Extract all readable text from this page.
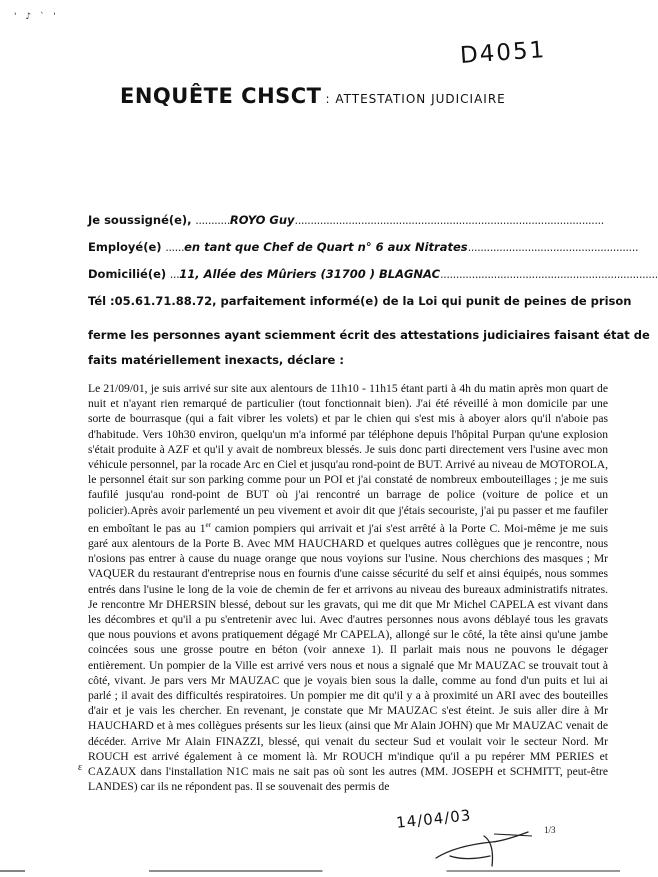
' ♪ ` '
D4051
ENQUÊTE CHSCT : ATTESTATION JUDICIAIRE
Je soussigné(e), ...........ROYO Guy..................................................................................................
Employé(e) ......en tant que Chef de Quart n° 6 aux Nitrates......................................................
Domicilié(e) ...11, Allée des Mûriers (31700 ) BLAGNAC.....................................................................
Tél :05.61.71.88.72, parfaitement informé(e) de la Loi qui punit de peines de prison
ferme les personnes ayant sciemment écrit des attestations judiciaires faisant état de
faits matériellement inexacts, déclare :
Le 21/09/01, je suis arrivé sur site aux alentours de 11h10 - 11h15 étant parti à 4h du matin après mon quart de nuit et n'ayant rien remarqué de particulier (tout fonctionnait bien). J'ai été réveillé à mon domicile par une sorte de bourrasque (qui a fait vibrer les volets) et par le chien qui s'est mis à aboyer alors qu'il n'aboie pas d'habitude. Vers 10h30 environ, quelqu'un m'a informé par téléphone depuis l'hôpital Purpan qu'une explosion s'était produite à AZF et qu'il y avait de nombreux blessés. Je suis donc parti directement vers l'usine avec mon véhicule personnel, par la rocade Arc en Ciel et jusqu'au rond-point de BUT. Arrivé au niveau de MOTOROLA, le personnel était sur son parking comme pour un POI et j'ai constaté de nombreux embouteillages ; je me suis faufilé jusqu'au rond-point de BUT où j'ai rencontré un barrage de police (voiture de police et un policier).Après avoir parlementé un peu vivement et avoir dit que j'étais secouriste, j'ai pu passer et me faufiler en emboîtant le pas au 1er camion pompiers qui arrivait et j'ai s'est arrêté à la Porte C. Moi-même je me suis garé aux alentours de la Porte B. Avec MM HAUCHARD et quelques autres collègues que je rencontre, nous n'osions pas entrer à cause du nuage orange que nous voyions sur l'usine. Nous cherchions des masques ; Mr VAQUER du restaurant d'entreprise nous en fournis d'une caisse sécurité du self et ainsi équipés, nous sommes entrés dans l'usine le long de la voie de chemin de fer et arrivons au niveau des bureaux administratifs nitrates. Je rencontre Mr DHERSIN blessé, debout sur les gravats, qui me dit que Mr Michel CAPELA est vivant dans les décombres et qu'il a pu s'entretenir avec lui. Avec d'autres personnes nous avons déblayé tous les gravats que nous pouvions et avons pratiquement dégagé Mr CAPELA), allongé sur le côté, la tête ainsi qu'une jambe coincées sous une grosse poutre en béton (voir annexe 1). Il parlait mais nous ne pouvons le dégager entièrement. Un pompier de la Ville est arrivé vers nous et nous a signalé que Mr MAUZAC se trouvait tout à côté, vivant. Je pars vers Mr MAUZAC que je voyais bien sous la dalle, comme au fond d'un puits et lui ai parlé ; il avait des difficultés respiratoires. Un pompier me dit qu'il y a à proximité un ARI avec des bouteilles d'air et je vais les chercher. En revenant, je constate que Mr MAUZAC s'est éteint. Je suis aller dire à Mr HAUCHARD et à mes collègues présents sur les lieux (ainsi que Mr Alain JOHN) que Mr MAUZAC venait de décéder. Arrive Mr Alain FINAZZI, blessé, qui venait du secteur Sud et voulait voir le secteur Nord. Mr ROUCH est arrivé également à ce moment là. Mr ROUCH m'indique qu'il a pu repérer MM PERIES et CAZAUX dans l'installation N1C mais ne sait pas où sont les autres (MM. JOSEPH et SCHMITT, peut-être LANDES) car ils ne répondent pas. Il se souvenait des permis de
ɛ
14/04/03	1/3
